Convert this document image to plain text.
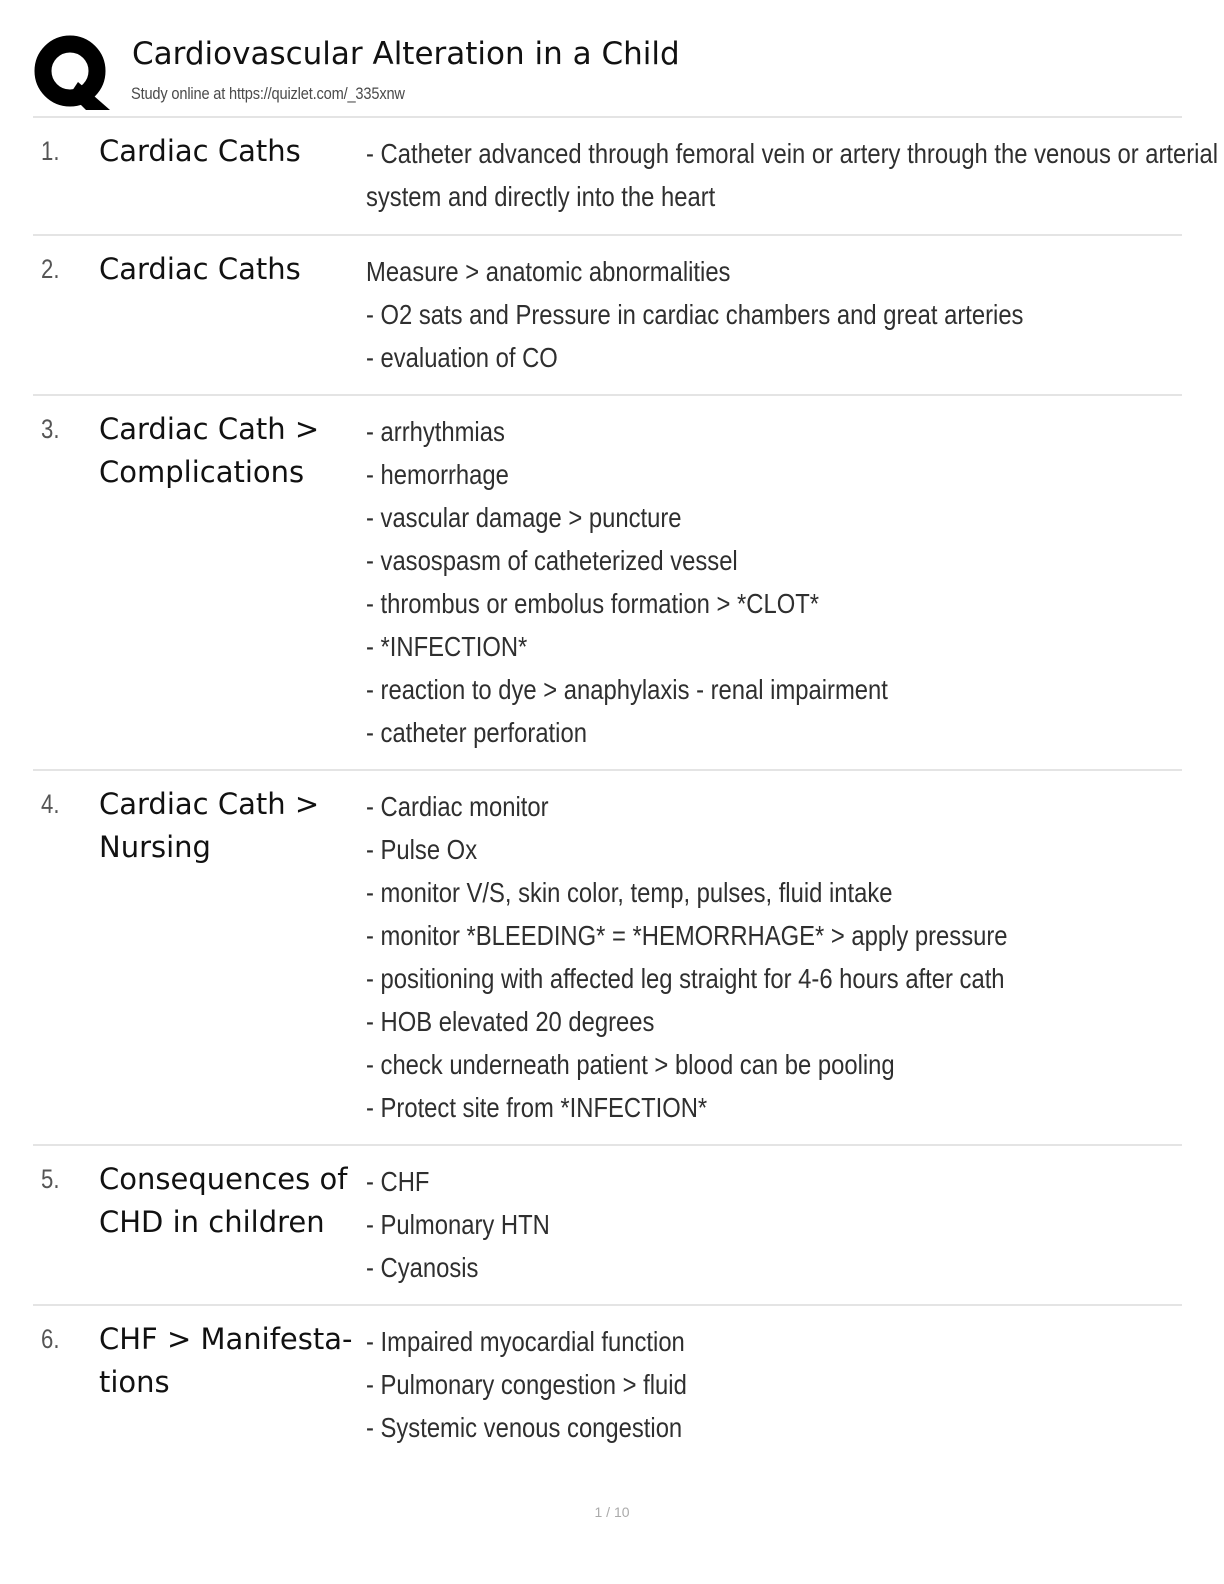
Cardiovascular Alteration in a Child
Study online at https://quizlet.com/_335xnw
1. Cardiac Caths	- Catheter advanced through femoral vein or artery through the venous or arterial
system and directly into the heart
2. Cardiac Caths	Measure > anatomic abnormalities
- O2 sats and Pressure in cardiac chambers and great arteries
- evaluation of CO
3. Cardiac Cath >
Complications
- arrhythmias
- hemorrhage
- vascular damage > puncture
- vasospasm of catheterized vessel
- thrombus or embolus formation > *CLOT*
- *INFECTION*
- reaction to dye > anaphylaxis - renal impairment
- catheter perforation
4. Cardiac Cath >
Nursing
- Cardiac monitor
- Pulse Ox
- monitor V/S, skin color, temp, pulses, fluid intake
- monitor *BLEEDING* = *HEMORRHAGE* > apply pressure
- positioning with affected leg straight for 4-6 hours after cath
- HOB elevated 20 degrees
- check underneath patient > blood can be pooling
- Protect site from *INFECTION*
5. Consequences of
CHD in children
- CHF
- Pulmonary HTN
- Cyanosis
6. CHF > Manifesta-
tions
- Impaired myocardial function
- Pulmonary congestion > fluid
- Systemic venous congestion
1 / 10
